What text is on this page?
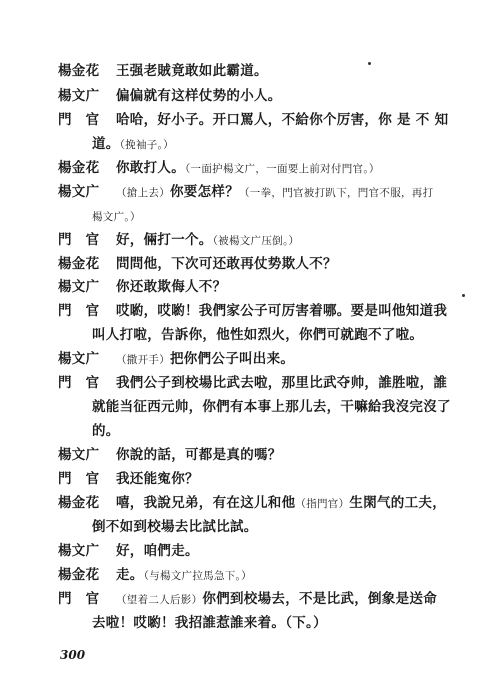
楊金花 王强老賊竟敢如此霸道。
楊文广 偏偏就有这样仗势的小人。
門　官 哈哈，好小子。开口罵人，不給你个厉害，你 是 不 知
道。（挽袖子。）
楊金花 你敢打人。（一面护楊文广，一面要上前对付門官。）
楊文广 （搶上去）你要怎样？（一拳，門官被打趴下，門官不服，再打
楊文广。）
門　官 好，倆打一个。（被楊文广压倒。）
楊金花 問問他，下次可还敢再仗势欺人不？
楊文广 你还敢欺侮人不？
門　官 哎喲，哎喲！我們家公子可厉害着哪。要是叫他知道我
叫人打啦，告訴你，他性如烈火，你們可就跑不了啦。
楊文广 （撒开手）把你們公子叫出来。
門　官 我們公子到校場比武去啦，那里比武夺帅，誰胜啦，誰
就能当征西元帅，你們有本事上那儿去，干嘛給我沒完沒了
的。
楊文广 你說的話，可都是真的嗎？
門　官 我还能寃你？
楊金花 嘻，我說兄弟，有在这儿和他（指門官）生閑气的工夫，
倒不如到校場去比試比試。
楊文广 好，咱們走。
楊金花 走。（与楊文广拉馬急下。）
門　官 （望着二人后影）你們到校場去，不是比武，倒象是送命
去啦！哎喲！我招誰惹誰来着。（下。）
300
